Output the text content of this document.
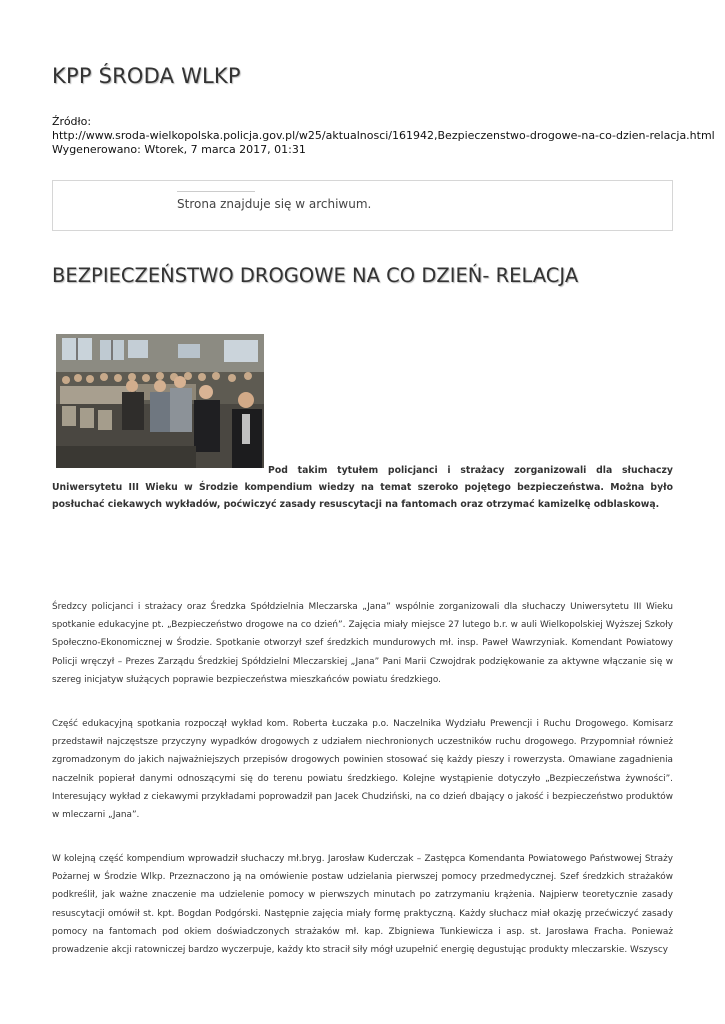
KPP ŚRODA WLKP
Źródło:
http://www.sroda-wielkopolska.policja.gov.pl/w25/aktualnosci/161942,Bezpieczenstwo-drogowe-na-co-dzien-relacja.html
Wygenerowano: Wtorek, 7 marca 2017, 01:31
Strona znajduje się w archiwum.
BEZPIECZEŃSTWO DROGOWE NA CO DZIEŃ- RELACJA
Pod takim tytułem policjanci i strażacy zorganizowali dla słuchaczy Uniwersytetu III Wieku w Środzie kompendium wiedzy na temat szeroko pojętego bezpieczeństwa. Można było posłuchać ciekawych wykładów, poćwiczyć zasady resuscytacji na fantomach oraz otrzymać kamizelkę odblaskową.

Średzcy policjanci i strażacy oraz Średzka Spółdzielnia Mleczarska „Jana” wspólnie zorganizowali dla słuchaczy Uniwersytetu III Wieku spotkanie edukacyjne pt. „Bezpieczeństwo drogowe na co dzień”. Zajęcia miały miejsce 27 lutego b.r. w auli Wielkopolskiej Wyższej Szkoły Społeczno-Ekonomicznej w Środzie. Spotkanie otworzył szef średzkich mundurowych mł. insp. Paweł Wawrzyniak. Komendant Powiatowy Policji wręczył – Prezes Zarządu Średzkiej Spółdzielni Mleczarskiej „Jana” Pani Marii Czwojdrak podziękowanie za aktywne włączanie się w szereg inicjatyw służących poprawie bezpieczeństwa mieszkańców powiatu średzkiego.

Część edukacyjną spotkania rozpoczął wykład kom. Roberta Łuczaka p.o. Naczelnika Wydziału Prewencji i Ruchu Drogowego. Komisarz przedstawił najczęstsze przyczyny wypadków drogowych z udziałem niechronionych uczestników ruchu drogowego. Przypomniał również zgromadzonym do jakich najważniejszych przepisów drogowych powinien stosować się każdy pieszy i rowerzysta. Omawiane zagadnienia naczelnik popierał danymi odnoszącymi się do terenu powiatu średzkiego. Kolejne wystąpienie dotyczyło „Bezpieczeństwa żywności”. Interesujący wykład z ciekawymi przykładami poprowadził pan Jacek Chudziński, na co dzień dbający o jakość i bezpieczeństwo produktów w mleczarni „Jana”.

W kolejną część kompendium wprowadził słuchaczy mł.bryg. Jarosław Kuderczak – Zastępca Komendanta Powiatowego Państwowej Straży Pożarnej w Środzie Wlkp. Przeznaczono ją na omówienie postaw udzielania pierwszej pomocy przedmedycznej. Szef średzkich strażaków podkreślił, jak ważne znaczenie ma udzielenie pomocy w pierwszych minutach po zatrzymaniu krążenia. Najpierw teoretycznie zasady resuscytacji omówił st. kpt. Bogdan Podgórski. Następnie zajęcia miały formę praktyczną. Każdy słuchacz miał okazję przećwiczyć zasady pomocy na fantomach pod okiem doświadczonych strażaków mł. kap. Zbigniewa Tunkiewicza i asp. st. Jarosława Fracha. Ponieważ prowadzenie akcji ratowniczej bardzo wyczerpuje, każdy kto stracił siły mógł uzupełnić energię degustując produkty mleczarskie. Wszyscy
